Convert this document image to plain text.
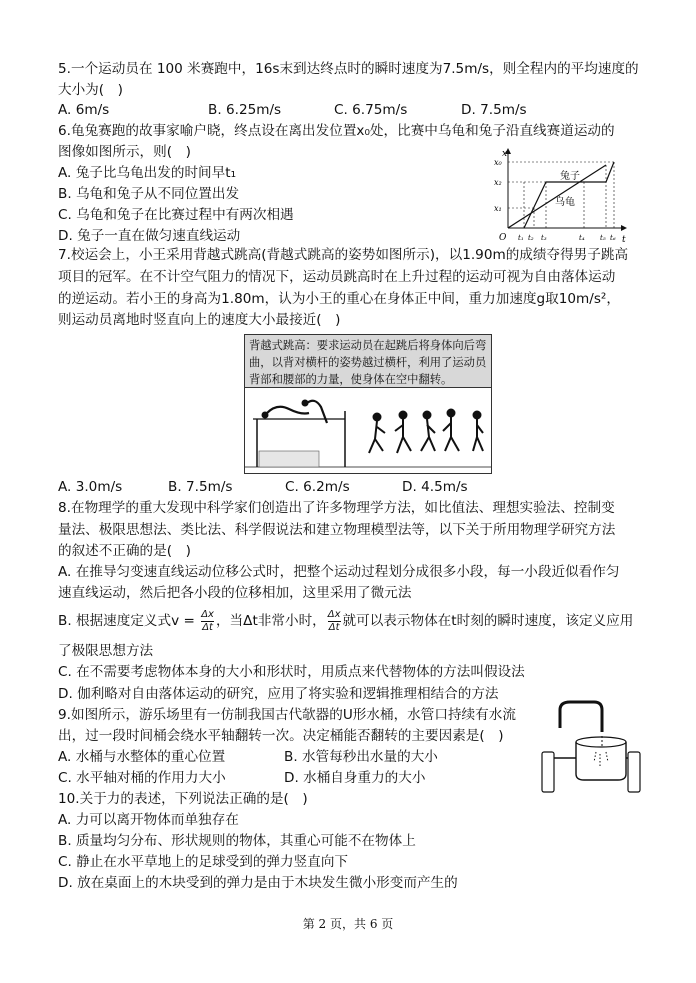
5.一个运动员在 100 米赛跑中，16s末到达终点时的瞬时速度为7.5m/s，则全程内的平均速度的
大小为(　)
A. 6m/s	B. 6.25m/s	C. 6.75m/s	D. 7.5m/s
6.龟兔赛跑的故事家喻户晓，终点设在离出发位置x₀处，比赛中乌龟和兔子沿直线赛道运动的
图像如图所示，则(　)
A. 兔子比乌龟出发的时间早t₁
B. 乌龟和兔子从不同位置出发
C. 乌龟和兔子在比赛过程中有两次相遇
D. 兔子一直在做匀速直线运动
x
t
O
x₀
x₂
x₁
兔子
乌龟
t₁ t₂ t₃	t₄ t₅ t₆
7.校运会上，小王采用背越式跳高(背越式跳高的姿势如图所示)，以1.90m的成绩夺得男子跳高
项目的冠军。在不计空气阻力的情况下，运动员跳高时在上升过程的运动可视为自由落体运动
的逆运动。若小王的身高为1.80m，认为小王的重心在身体正中间，重力加速度g取10m/s²，
则运动员离地时竖直向上的速度大小最接近(　)
背越式跳高：要求运动员在起跳后将身体向后弯
曲，以背对横杆的姿势越过横杆，利用了运动员
背部和腰部的力量，使身体在空中翻转。
A. 3.0m/s	B. 7.5m/s	C. 6.2m/s	D. 4.5m/s
8.在物理学的重大发现中科学家们创造出了许多物理学方法，如比值法、理想实验法、控制变
量法、极限思想法、类比法、科学假说法和建立物理模型法等，以下关于所用物理学研究方法
的叙述不正确的是(　)
A. 在推导匀变速直线运动位移公式时，把整个运动过程划分成很多小段，每一小段近似看作匀
速直线运动，然后把各小段的位移相加，这里采用了微元法
B. 根据速度定义式$v = \frac{\Delta x}{\Delta t}$ ，当Δt非常小时， $\frac{\Delta x}{\Delta t}$ 就可以表示物体在t时刻的瞬时速度，该定义应用
了极限思想方法
C. 在不需要考虑物体本身的大小和形状时，用质点来代替物体的方法叫假设法
D. 伽利略对自由落体运动的研究，应用了将实验和逻辑推理相结合的方法
9.如图所示，游乐场里有一仿制我国古代欹器的U形水桶，水管口持续有水流
出，过一段时间桶会绕水平轴翻转一次。决定桶能否翻转的主要因素是(　)
A. 水桶与水整体的重心位置	B. 水管每秒出水量的大小
C. 水平轴对桶的作用力大小	D. 水桶自身重力的大小
10.关于力的表述，下列说法正确的是(　)
A. 力可以离开物体而单独存在
B. 质量均匀分布、形状规则的物体，其重心可能不在物体上
C. 静止在水平草地上的足球受到的弹力竖直向下
D. 放在桌面上的木块受到的弹力是由于木块发生微小形变而产生的
第 2 页，共 6 页
